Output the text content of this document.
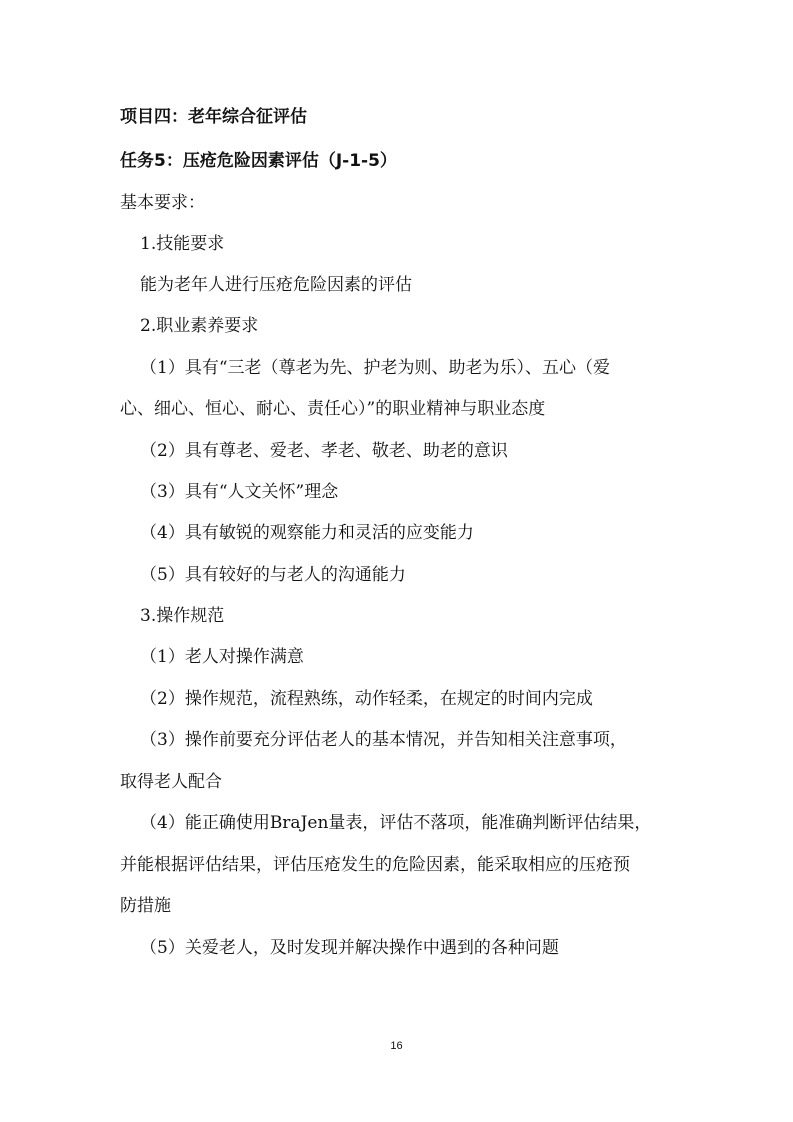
项目四：老年综合征评估
任务5：压疮危险因素评估（J-1-5）
基本要求：
1.技能要求
能为老年人进行压疮危险因素的评估
2.职业素养要求
（1）具有“三老（尊老为先、护老为则、助老为乐）、五心（爱
心、细心、恒心、耐心、责任心）”的职业精神与职业态度
（2）具有尊老、爱老、孝老、敬老、助老的意识
（3）具有“人文关怀”理念
（4）具有敏锐的观察能力和灵活的应变能力
（5）具有较好的与老人的沟通能力
3.操作规范
（1）老人对操作满意
（2）操作规范，流程熟练，动作轻柔，在规定的时间内完成
（3）操作前要充分评估老人的基本情况，并告知相关注意事项，
取得老人配合
（4）能正确使用BraJen量表，评估不落项，能准确判断评估结果，
并能根据评估结果，评估压疮发生的危险因素，能采取相应的压疮预
防措施
（5）关爱老人，及时发现并解决操作中遇到的各种问题
16
